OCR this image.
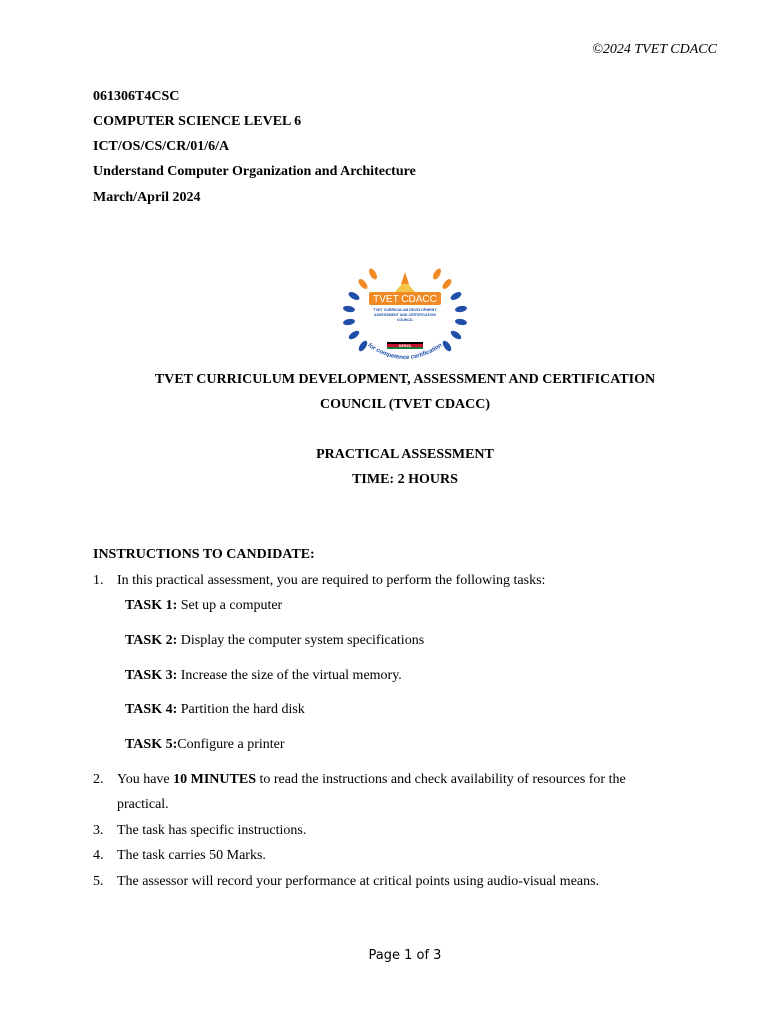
©2024 TVET CDACC
061306T4CSC
COMPUTER SCIENCE LEVEL 6
ICT/OS/CS/CR/01/6/A
Understand Computer Organization and Architecture
March/April 2024
TVET CDACC
TVET CURRICULUM DEVELOPMENT
ASSESSMENT AND CERTIFICATION
COUNCIL
KENYA
for competence certification
TVET CURRICULUM DEVELOPMENT, ASSESSMENT AND CERTIFICATION
COUNCIL (TVET CDACC)
PRACTICAL ASSESSMENT
TIME: 2 HOURS
INSTRUCTIONS TO CANDIDATE:
1. In this practical assessment, you are required to perform the following tasks:
TASK 1: Set up a computer
TASK 2: Display the computer system specifications
TASK 3: Increase the size of the virtual memory.
TASK 4: Partition the hard disk
TASK 5:Configure a printer
2. You have 10 MINUTES to read the instructions and check availability of resources for the
practical.
3. The task has specific instructions.
4. The task carries 50 Marks.
5. The assessor will record your performance at critical points using audio-visual means.
Page 1 of 3
